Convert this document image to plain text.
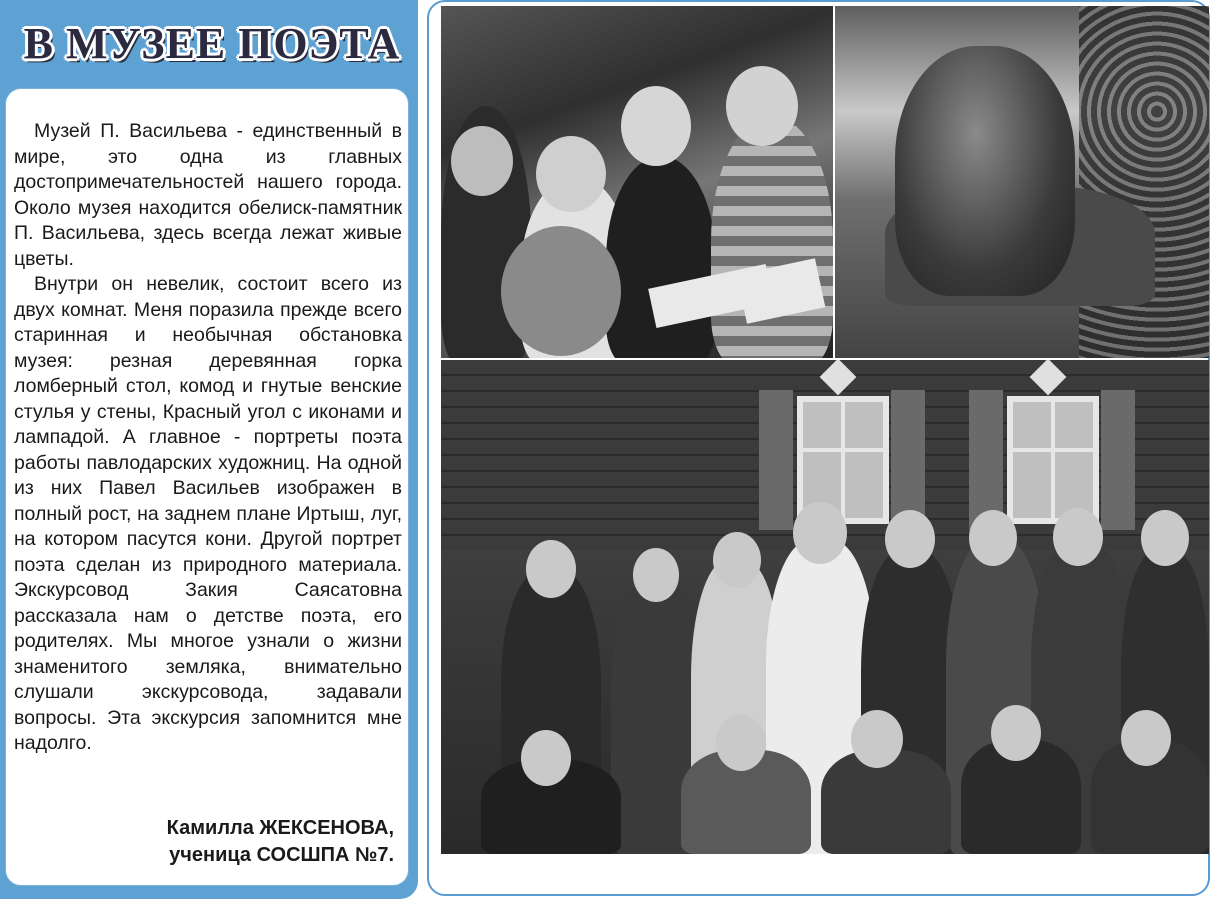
В МУЗЕЕ ПОЭТА

Музей П. Васильева - единственный в мире, это одна из главных достопримечательностей нашего города. Около музея находится обелиск-памятник П. Васильева, здесь всегда лежат живые цветы.

Внутри он невелик, состоит всего из двух комнат. Меня поразила прежде всего старинная и необычная обстановка музея: резная деревянная горка ломберный стол, комод и гнутые венские стулья у стены, Красный угол с иконами и лампадой. А главное - портреты поэта работы павлодарских художниц. На одной из них Павел Васильев изображен в полный рост, на заднем плане Иртыш, луг, на котором пасутся кони. Другой портрет поэта сделан из природного материала. Экскурсовод Закия Саясатовна рассказала нам о детстве поэта, его родителях. Мы многое узнали о жизни знаменитого земляка, внимательно слушали экскурсовода, задавали вопросы. Эта экскурсия запомнится мне надолго.

Камилла ЖЕКСЕНОВА,
ученица СОСШПА №7.
